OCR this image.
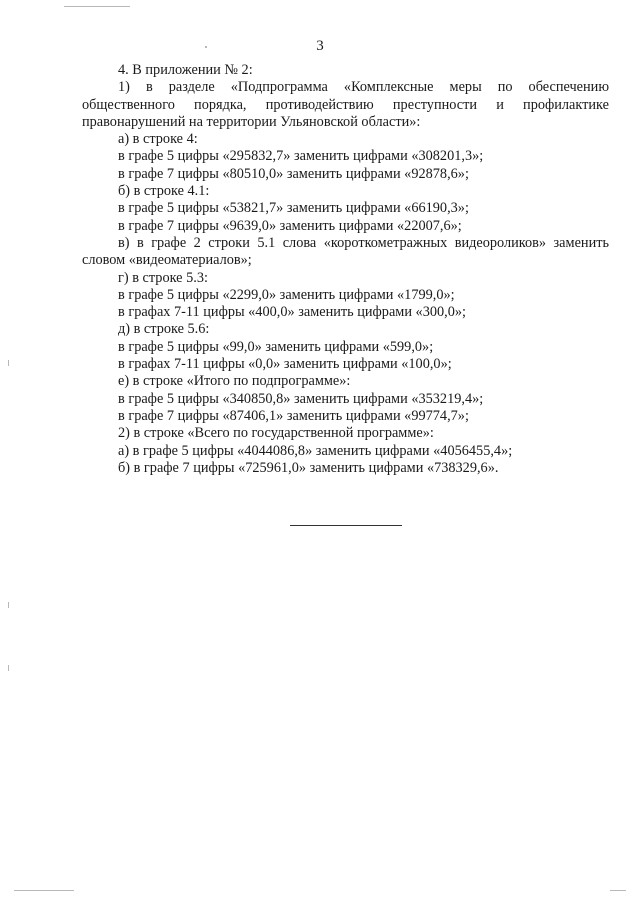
3

4. В приложении № 2:

1) в разделе «Подпрограмма «Комплексные меры по обеспечению общественного порядка, противодействию преступности и профилактике правонарушений на территории Ульяновской области»:

а) в строке 4:

в графе 5 цифры «295832,7» заменить цифрами «308201,3»;

в графе 7 цифры «80510,0» заменить цифрами «92878,6»;

б) в строке 4.1:

в графе 5 цифры «53821,7» заменить цифрами «66190,3»;

в графе 7 цифры «9639,0» заменить цифрами «22007,6»;

в) в графе 2 строки 5.1 слова «короткометражных видеороликов» заменить словом «видеоматериалов»;

г) в строке 5.3:

в графе 5 цифры «2299,0» заменить цифрами «1799,0»;

в графах 7-11 цифры «400,0» заменить цифрами «300,0»;

д) в строке 5.6:

в графе 5 цифры «99,0» заменить цифрами «599,0»;

в графах 7-11 цифры «0,0» заменить цифрами «100,0»;

е) в строке «Итого по подпрограмме»:

в графе 5 цифры «340850,8» заменить цифрами «353219,4»;

в графе 7 цифры «87406,1» заменить цифрами «99774,7»;

2) в строке «Всего по государственной программе»:

а) в графе 5 цифры «4044086,8» заменить цифрами «4056455,4»;

б) в графе 7 цифры «725961,0» заменить цифрами «738329,6».
